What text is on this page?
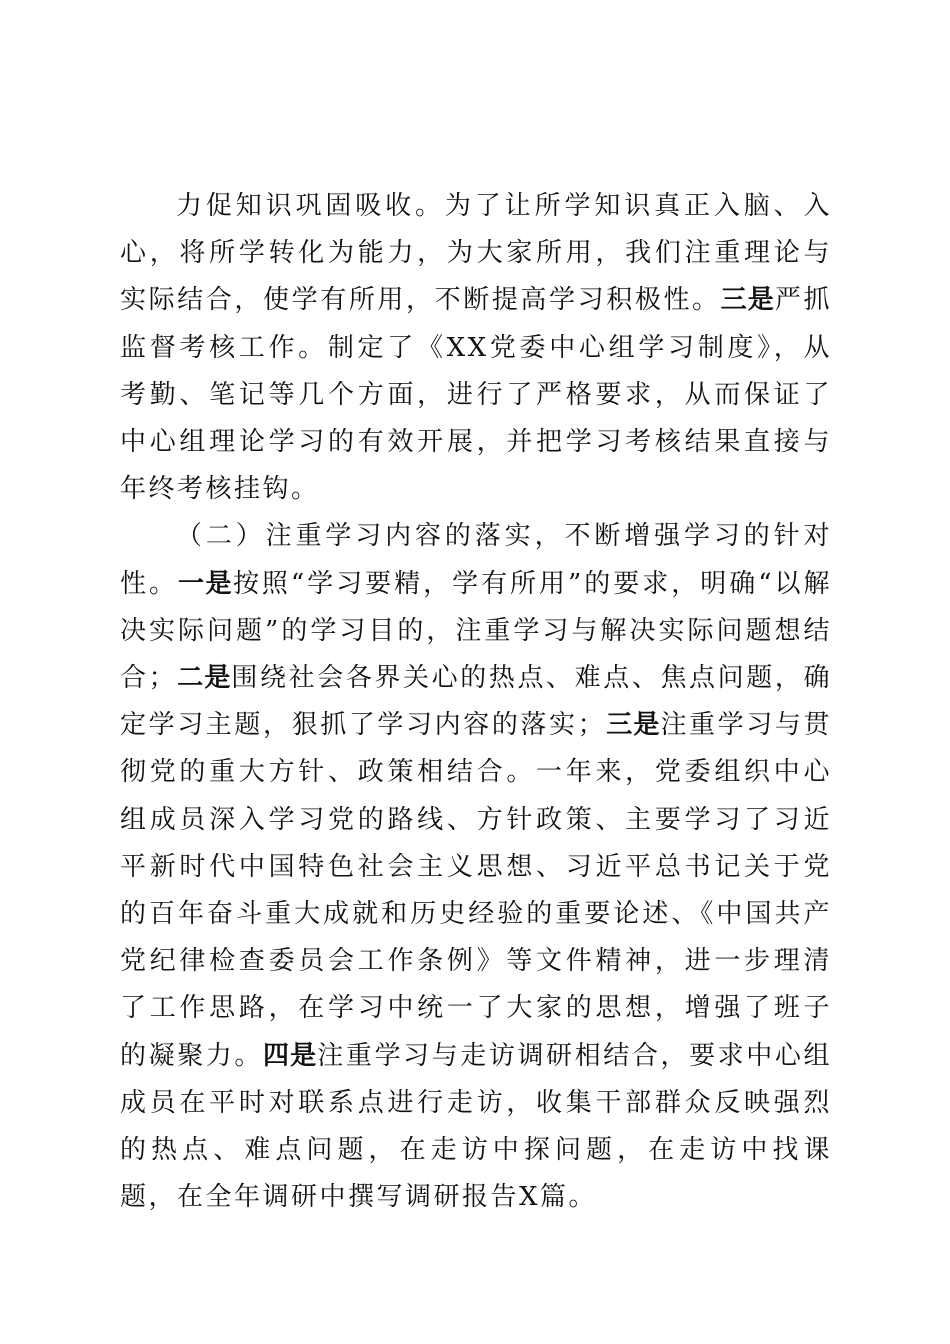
力促知识巩固吸收。为了让所学知识真正入脑、入心，将所学转化为能力，为大家所用，我们注重理论与实际结合，使学有所用，不断提高学习积极性。三是严抓监督考核工作。制定了《XX党委中心组学习制度》，从考勤、笔记等几个方面，进行了严格要求，从而保证了中心组理论学习的有效开展，并把学习考核结果直接与年终考核挂钩。

（二）注重学习内容的落实，不断增强学习的针对性。一是按照“学习要精，学有所用”的要求，明确“以解决实际问题”的学习目的，注重学习与解决实际问题想结合；二是围绕社会各界关心的热点、难点、焦点问题，确定学习主题，狠抓了学习内容的落实；三是注重学习与贯彻党的重大方针、政策相结合。一年来，党委组织中心组成员深入学习党的路线、方针政策、主要学习了习近平新时代中国特色社会主义思想、习近平总书记关于党的百年奋斗重大成就和历史经验的重要论述、《中国共产党纪律检查委员会工作条例》等文件精神，进一步理清了工作思路，在学习中统一了大家的思想，增强了班子的凝聚力。四是注重学习与走访调研相结合，要求中心组成员在平时对联系点进行走访，收集干部群众反映强烈的热点、难点问题，在走访中探问题，在走访中找课题，在全年调研中撰写调研报告X篇。
